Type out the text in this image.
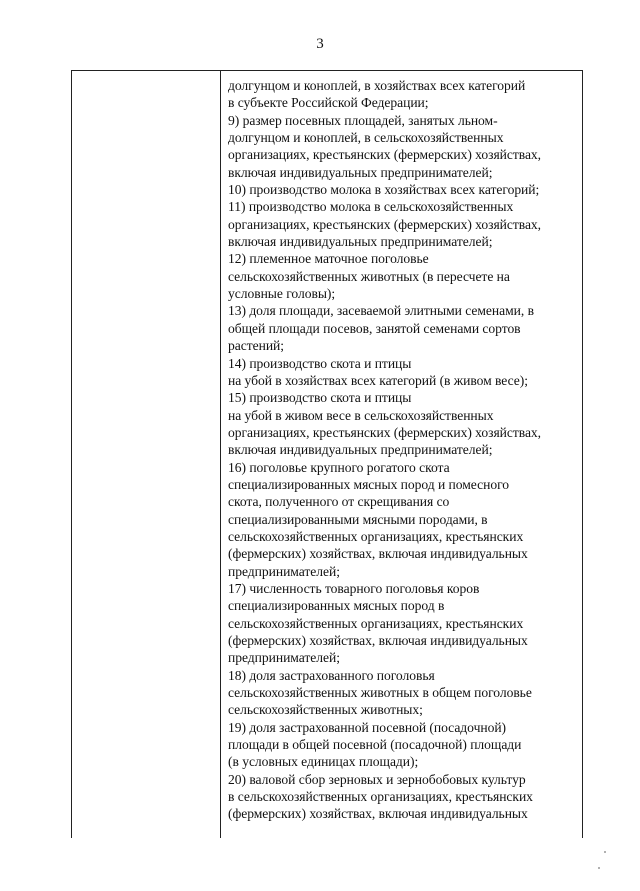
3
долгунцом и коноплей, в хозяйствах всех категорий
в субъекте Российской Федерации;
9) размер посевных площадей, занятых льном-
долгунцом и коноплей, в сельскохозяйственных
организациях, крестьянских (фермерских) хозяйствах,
включая индивидуальных предпринимателей;
10) производство молока в хозяйствах всех категорий;
11) производство молока в сельскохозяйственных
организациях, крестьянских (фермерских) хозяйствах,
включая индивидуальных предпринимателей;
12) племенное маточное поголовье
сельскохозяйственных животных (в пересчете на
условные головы);
13) доля площади, засеваемой элитными семенами, в
общей площади посевов, занятой семенами сортов
растений;
14) производство скота и птицы
на убой в хозяйствах всех категорий (в живом весе);
15) производство скота и птицы
на убой в живом весе в сельскохозяйственных
организациях, крестьянских (фермерских) хозяйствах,
включая индивидуальных предпринимателей;
16) поголовье крупного рогатого скота
специализированных мясных пород и помесного
скота, полученного от скрещивания со
специализированными мясными породами, в
сельскохозяйственных организациях, крестьянских
(фермерских) хозяйствах, включая индивидуальных
предпринимателей;
17) численность товарного поголовья коров
специализированных мясных пород в
сельскохозяйственных организациях, крестьянских
(фермерских) хозяйствах, включая индивидуальных
предпринимателей;
18) доля застрахованного поголовья
сельскохозяйственных животных в общем поголовье
сельскохозяйственных животных;
19) доля застрахованной посевной (посадочной)
площади в общей посевной (посадочной) площади
(в условных единицах площади);
20) валовой сбор зерновых и зернобобовых культур
в сельскохозяйственных организациях, крестьянских
(фермерских) хозяйствах, включая индивидуальных
